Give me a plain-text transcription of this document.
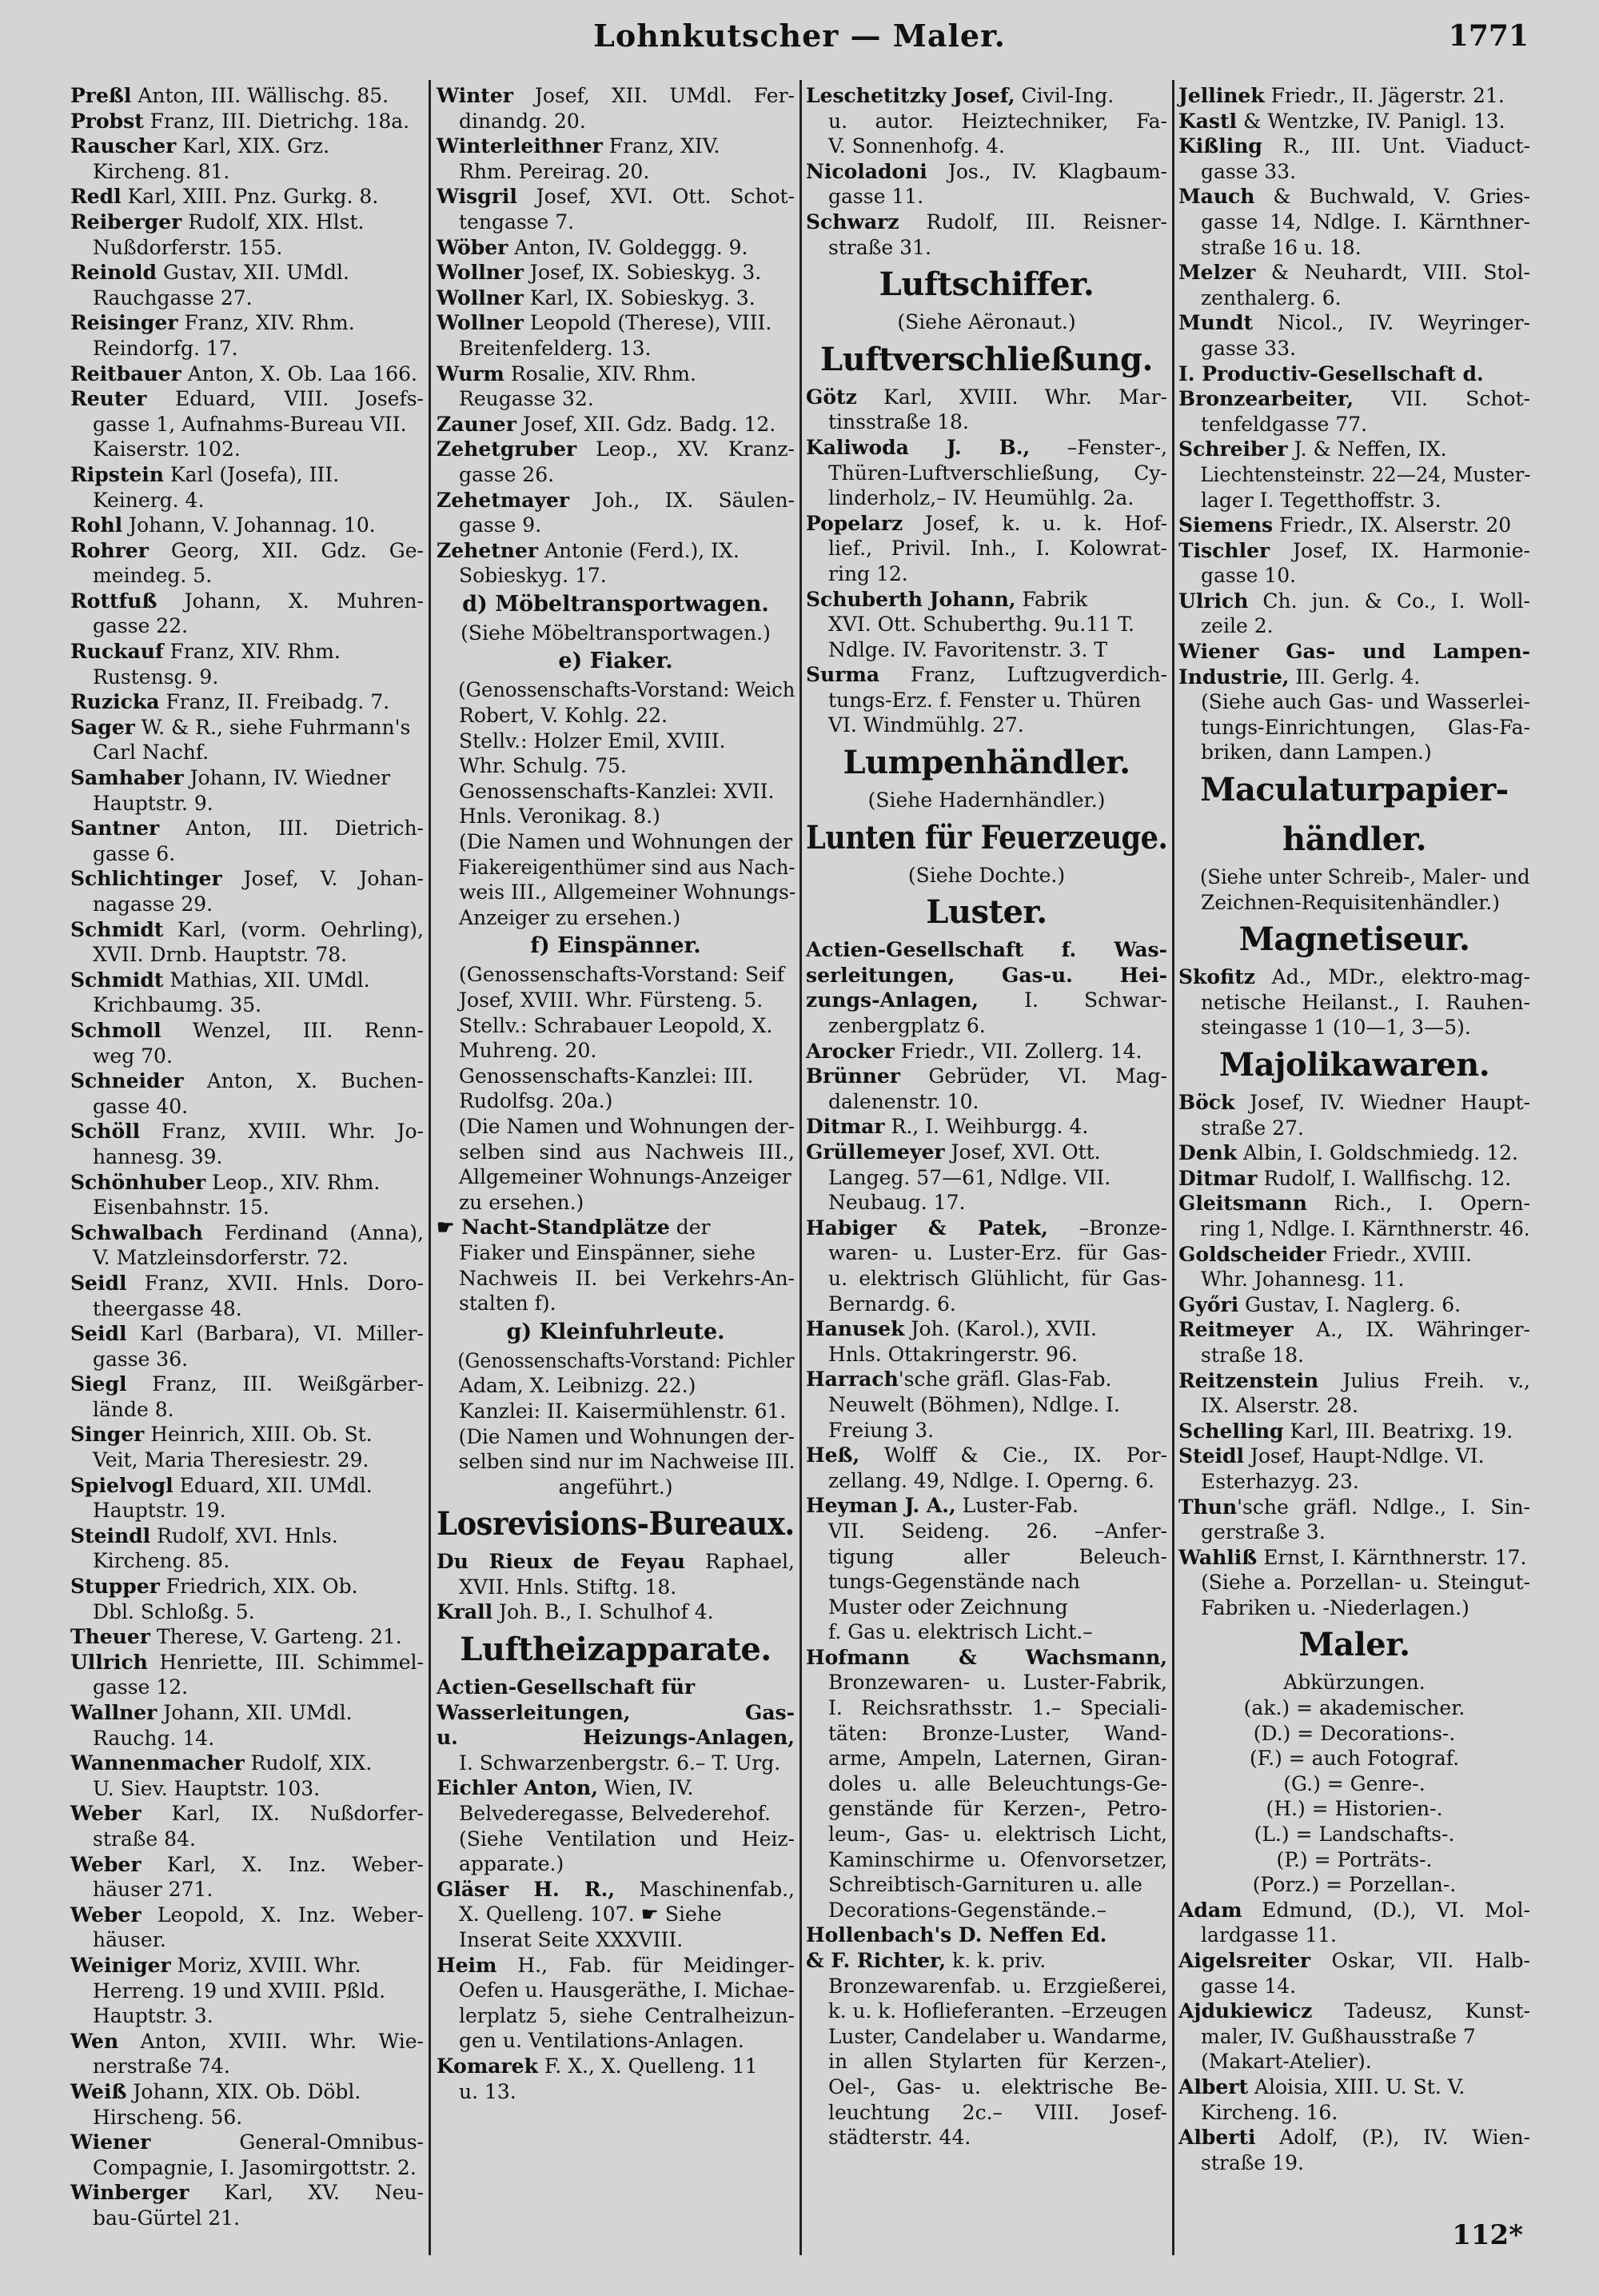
Lohnkutscher — Maler.	1771
Preßl Anton, III. Wällischg. 85.
Probst Franz, III. Dietrichg. 18a.
Rauscher Karl, XIX. Grz.
Kircheng. 81.
Redl Karl, XIII. Pnz. Gurkg. 8.
Reiberger Rudolf, XIX. Hlst.
Nußdorferstr. 155.
Reinold Gustav, XII. UMdl.
Rauchgasse 27.
Reisinger Franz, XIV. Rhm.
Reindorfg. 17.
Reitbauer Anton, X. Ob. Laa 166.
Reuter Eduard, VIII. Josefs-
gasse 1, Aufnahms-Bureau VII.
Kaiserstr. 102.
Ripstein Karl (Josefa), III.
Keinerg. 4.
Rohl Johann, V. Johannag. 10.
Rohrer Georg, XII. Gdz. Ge-
meindeg. 5.
Rottfuß Johann, X. Muhren-
gasse 22.
Ruckauf Franz, XIV. Rhm.
Rustensg. 9.
Ruzicka Franz, II. Freibadg. 7.
Sager W. & R., siehe Fuhrmann's
Carl Nachf.
Samhaber Johann, IV. Wiedner
Hauptstr. 9.
Santner Anton, III. Dietrich-
gasse 6.
Schlichtinger Josef, V. Johan-
nagasse 29.
Schmidt Karl, (vorm. Oehrling),
XVII. Drnb. Hauptstr. 78.
Schmidt Mathias, XII. UMdl.
Krichbaumg. 35.
Schmoll Wenzel, III. Renn-
weg 70.
Schneider Anton, X. Buchen-
gasse 40.
Schöll Franz, XVIII. Whr. Jo-
hannesg. 39.
Schönhuber Leop., XIV. Rhm.
Eisenbahnstr. 15.
Schwalbach Ferdinand (Anna),
V. Matzleinsdorferstr. 72.
Seidl Franz, XVII. Hnls. Doro-
theergasse 48.
Seidl Karl (Barbara), VI. Miller-
gasse 36.
Siegl Franz, III. Weißgärber-
lände 8.
Singer Heinrich, XIII. Ob. St.
Veit, Maria Theresiestr. 29.
Spielvogl Eduard, XII. UMdl.
Hauptstr. 19.
Steindl Rudolf, XVI. Hnls.
Kircheng. 85.
Stupper Friedrich, XIX. Ob.
Dbl. Schloßg. 5.
Theuer Therese, V. Garteng. 21.
Ullrich Henriette, III. Schimmel-
gasse 12.
Wallner Johann, XII. UMdl.
Rauchg. 14.
Wannenmacher Rudolf, XIX.
U. Siev. Hauptstr. 103.
Weber Karl, IX. Nußdorfer-
straße 84.
Weber Karl, X. Inz. Weber-
häuser 271.
Weber Leopold, X. Inz. Weber-
häuser.
Weiniger Moriz, XVIII. Whr.
Herreng. 19 und XVIII. Pßld.
Hauptstr. 3.
Wen Anton, XVIII. Whr. Wie-
nerstraße 74.
Weiß Johann, XIX. Ob. Döbl.
Hirscheng. 56.
Wiener General-Omnibus-
Compagnie, I. Jasomirgottstr. 2.
Winberger Karl, XV. Neu-
bau-Gürtel 21.
Winter Josef, XII. UMdl. Fer-
dinandg. 20.
Winterleithner Franz, XIV.
Rhm. Pereirag. 20.
Wisgril Josef, XVI. Ott. Schot-
tengasse 7.
Wöber Anton, IV. Goldeggg. 9.
Wollner Josef, IX. Sobieskyg. 3.
Wollner Karl, IX. Sobieskyg. 3.
Wollner Leopold (Therese), VIII.
Breitenfelderg. 13.
Wurm Rosalie, XIV. Rhm.
Reugasse 32.
Zauner Josef, XII. Gdz. Badg. 12.
Zehetgruber Leop., XV. Kranz-
gasse 26.
Zehetmayer Joh., IX. Säulen-
gasse 9.
Zehetner Antonie (Ferd.), IX.
Sobieskyg. 17.
d) Möbeltransportwagen.
(Siehe Möbeltransportwagen.)
e) Fiaker.
(Genossenschafts-Vorstand: Weich
Robert, V. Kohlg. 22.
Stellv.: Holzer Emil, XVIII.
Whr. Schulg. 75.
Genossenschafts-Kanzlei: XVII.
Hnls. Veronikag. 8.)
(Die Namen und Wohnungen der
Fiakereigenthümer sind aus Nach-
weis III., Allgemeiner Wohnungs-
Anzeiger zu ersehen.)
f) Einspänner.
(Genossenschafts-Vorstand: Seif
Josef, XVIII. Whr. Fürsteng. 5.
Stellv.: Schrabauer Leopold, X.
Muhreng. 20.
Genossenschafts-Kanzlei: III.
Rudolfsg. 20a.)
(Die Namen und Wohnungen der-
selben sind aus Nachweis III.,
Allgemeiner Wohnungs-Anzeiger
zu ersehen.)
☛ Nacht-Standplätze der
Fiaker und Einspänner, siehe
Nachweis II. bei Verkehrs-An-
stalten f).
g) Kleinfuhrleute.
(Genossenschafts-Vorstand: Pichler
Adam, X. Leibnizg. 22.)
Kanzlei: II. Kaisermühlenstr. 61.
(Die Namen und Wohnungen der-
selben sind nur im Nachweise III.
angeführt.)
Losrevisions-Bureaux.
Du Rieux de Feyau Raphael,
XVII. Hnls. Stiftg. 18.
Krall Joh. B., I. Schulhof 4.
Luftheizapparate.
Actien-Gesellschaft für
Wasserleitungen, Gas-
u. Heizungs-Anlagen,
I. Schwarzenbergstr. 6.– T. Urg.
Eichler Anton, Wien, IV.
Belvederegasse, Belvederehof.
(Siehe Ventilation und Heiz-
apparate.)
Gläser H. R., Maschinenfab.,
X. Quelleng. 107. ☛ Siehe
Inserat Seite XXXVIII.
Heim H., Fab. für Meidinger-
Oefen u. Hausgeräthe, I. Michae-
lerplatz 5, siehe Centralheizun-
gen u. Ventilations-Anlagen.
Komarek F. X., X. Quelleng. 11
u. 13.
Leschetitzky Josef, Civil-Ing.
u. autor. Heiztechniker, Fa-
V. Sonnenhofg. 4.
Nicoladoni Jos., IV. Klagbaum-
gasse 11.
Schwarz Rudolf, III. Reisner-
straße 31.
Luftschiffer.
(Siehe Aëronaut.)
Luftverschließung.
Götz Karl, XVIII. Whr. Mar-
tinsstraße 18.
Kaliwoda J. B., –Fenster-,
Thüren-Luftverschließung, Cy-
linderholz,– IV. Heumühlg. 2a.
Popelarz Josef, k. u. k. Hof-
lief., Privil. Inh., I. Kolowrat-
ring 12.
Schuberth Johann, Fabrik
XVI. Ott. Schuberthg. 9u.11 T.
Ndlge. IV. Favoritenstr. 3. T
Surma Franz, Luftzugverdich-
tungs-Erz. f. Fenster u. Thüren
VI. Windmühlg. 27.
Lumpenhändler.
(Siehe Hadernhändler.)
Lunten für Feuerzeuge.
(Siehe Dochte.)
Luster.
Actien-Gesellschaft f. Was-
serleitungen, Gas-u. Hei-
zungs-Anlagen, I. Schwar-
zenbergplatz 6.
Arocker Friedr., VII. Zollerg. 14.
Brünner Gebrüder, VI. Mag-
dalenenstr. 10.
Ditmar R., I. Weihburgg. 4.
Grüllemeyer Josef, XVI. Ott.
Langeg. 57—61, Ndlge. VII.
Neubaug. 17.
Habiger & Patek, –Bronze-
waren- u. Luster-Erz. für Gas-
u. elektrisch Glühlicht, für Gas-
Bernardg. 6.
Hanusek Joh. (Karol.), XVII.
Hnls. Ottakringerstr. 96.
Harrach'sche gräfl. Glas-Fab.
Neuwelt (Böhmen), Ndlge. I.
Freiung 3.
Heß, Wolff & Cie., IX. Por-
zellang. 49, Ndlge. I. Operng. 6.
Heyman J. A., Luster-Fab.
VII. Seideng. 26. –Anfer-
tigung aller Beleuch-
tungs-Gegenstände nach
Muster oder Zeichnung
f. Gas u. elektrisch Licht.–
Hofmann & Wachsmann,
Bronzewaren- u. Luster-Fabrik,
I. Reichsrathsstr. 1.– Speciali-
täten: Bronze-Luster, Wand-
arme, Ampeln, Laternen, Giran-
doles u. alle Beleuchtungs-Ge-
genstände für Kerzen-, Petro-
leum-, Gas- u. elektrisch Licht,
Kaminschirme u. Ofenvorsetzer,
Schreibtisch-Garnituren u. alle
Decorations-Gegenstände.–
Hollenbach's D. Neffen Ed.
& F. Richter, k. k. priv.
Bronzewarenfab. u. Erzgießerei,
k. u. k. Hoflieferanten. –Erzeugen
Luster, Candelaber u. Wandarme,
in allen Stylarten für Kerzen-,
Oel-, Gas- u. elektrische Be-
leuchtung 2c.– VIII. Josef-
städterstr. 44.
Jellinek Friedr., II. Jägerstr. 21.
Kastl & Wentzke, IV. Panigl. 13.
Kißling R., III. Unt. Viaduct-
gasse 33.
Mauch & Buchwald, V. Gries-
gasse 14, Ndlge. I. Kärnthner-
straße 16 u. 18.
Melzer & Neuhardt, VIII. Stol-
zenthalerg. 6.
Mundt Nicol., IV. Weyringer-
gasse 33.
I. Productiv-Gesellschaft d.
Bronzearbeiter, VII. Schot-
tenfeldgasse 77.
Schreiber J. & Neffen, IX.
Liechtensteinstr. 22—24, Muster-
lager I. Tegetthoffstr. 3.
Siemens Friedr., IX. Alserstr. 20
Tischler Josef, IX. Harmonie-
gasse 10.
Ulrich Ch. jun. & Co., I. Woll-
zeile 2.
Wiener Gas- und Lampen-
Industrie, III. Gerlg. 4.
(Siehe auch Gas- und Wasserlei-
tungs-Einrichtungen, Glas-Fa-
briken, dann Lampen.)
Maculaturpapier-
händler.
(Siehe unter Schreib-, Maler- und
Zeichnen-Requisitenhändler.)
Magnetiseur.
Skofitz Ad., MDr., elektro-mag-
netische Heilanst., I. Rauhen-
steingasse 1 (10—1, 3—5).
Majolikawaren.
Böck Josef, IV. Wiedner Haupt-
straße 27.
Denk Albin, I. Goldschmiedg. 12.
Ditmar Rudolf, I. Wallfischg. 12.
Gleitsmann Rich., I. Opern-
ring 1, Ndlge. I. Kärnthnerstr. 46.
Goldscheider Friedr., XVIII.
Whr. Johannesg. 11.
Győri Gustav, I. Naglerg. 6.
Reitmeyer A., IX. Währinger-
straße 18.
Reitzenstein Julius Freih. v.,
IX. Alserstr. 28.
Schelling Karl, III. Beatrixg. 19.
Steidl Josef, Haupt-Ndlge. VI.
Esterhazyg. 23.
Thun'sche gräfl. Ndlge., I. Sin-
gerstraße 3.
Wahliß Ernst, I. Kärnthnerstr. 17.
(Siehe a. Porzellan- u. Steingut-
Fabriken u. -Niederlagen.)
Maler.
Abkürzungen.
(ak.) = akademischer.
(D.) = Decorations-.
(F.) = auch Fotograf.
(G.) = Genre-.
(H.) = Historien-.
(L.) = Landschafts-.
(P.) = Porträts-.
(Porz.) = Porzellan-.
Adam Edmund, (D.), VI. Mol-
lardgasse 11.
Aigelsreiter Oskar, VII. Halb-
gasse 14.
Ajdukiewicz Tadeusz, Kunst-
maler, IV. Gußhausstraße 7
(Makart-Atelier).
Albert Aloisia, XIII. U. St. V.
Kircheng. 16.
Alberti Adolf, (P.), IV. Wien-
straße 19.
112*
